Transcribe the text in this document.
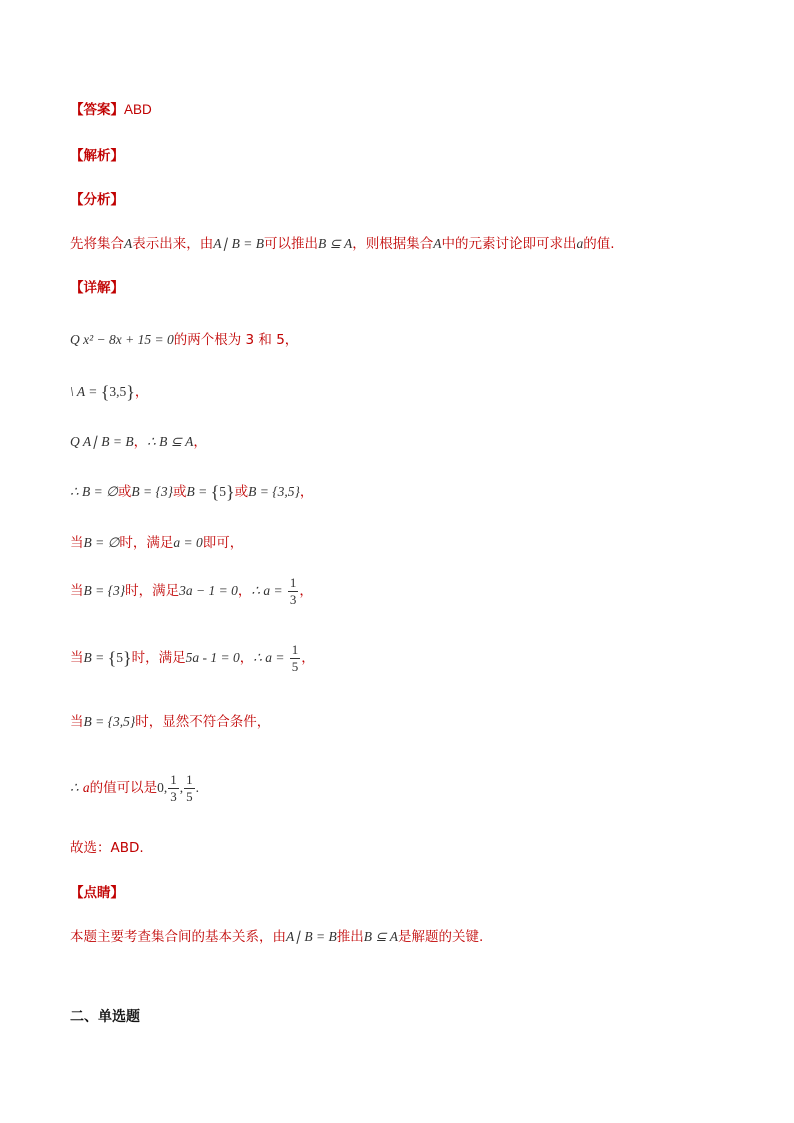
【答案】ABD
【解析】
【分析】
先将集合A表示出来，由A∣ B = B可以推出B ⊆ A，则根据集合A中的元素讨论即可求出a的值.
【详解】
Q x² − 8x + 15 = 0的两个根为 3 和 5，
\ A = {3,5}，
Q A∣ B = B，∴ B ⊆ A，
∴ B = ∅或B = {3}或B = {5}或B = {3,5}，
当B = ∅时，满足a = 0即可，
当B = {3}时，满足3a − 1 = 0，∴ $a = \frac{1}{3}$ ，
当B = {5}时，满足5a - 1 = 0，∴ $a = \frac{1}{5}$ ，
当B = {3,5}时，显然不符合条件，
∴ a的值可以是0, $\frac{1}{3}$ , $\frac{1}{5}$ .
故选：ABD.
【点睛】
本题主要考查集合间的基本关系，由A∣ B = B推出B ⊆ A是解题的关键.
二、单选题
